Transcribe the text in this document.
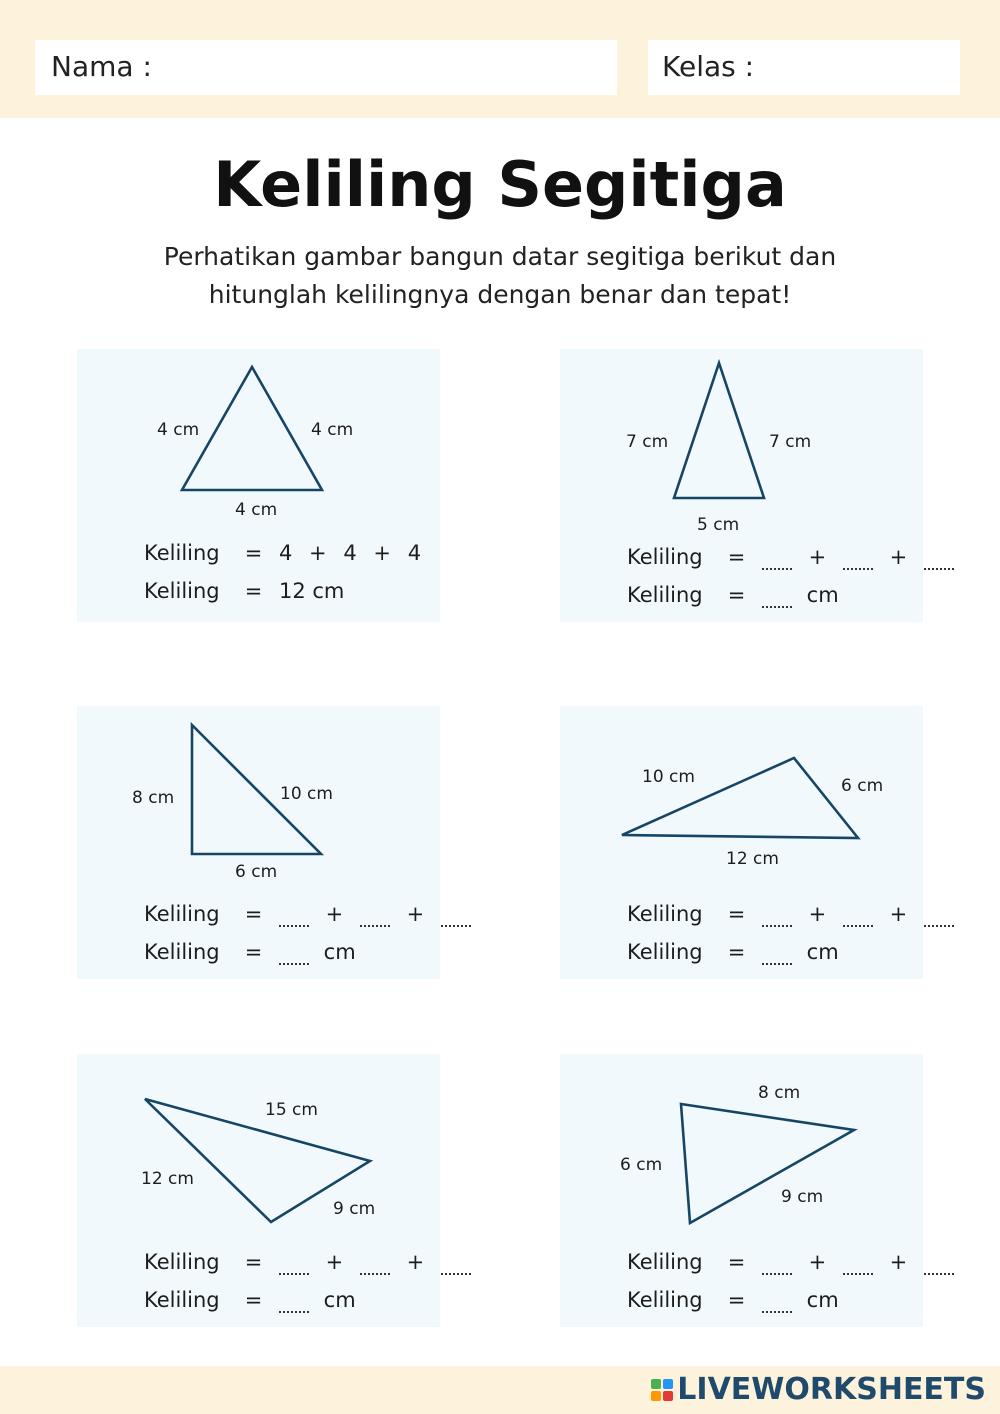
Nama :	Kelas :
Keliling Segitiga
Perhatikan gambar bangun datar segitiga berikut dan
hitunglah kelilingnya dengan benar dan tepat!
4 cm	4 cm
4 cm
Keliling = 4 + 4 + 4
Keliling = 12 cm
7 cm	7 cm
5 cm
Keliling =	+	+
Keliling =	cm
8 cm	10 cm
6 cm
Keliling =	+	+
Keliling =	cm
10 cm	6 cm
12 cm
Keliling =	+	+
Keliling =	cm
15 cm
12 cm
9 cm
Keliling =	+	+
Keliling =	cm
8 cm
6 cm
9 cm
Keliling =	+	+
Keliling =	cm
LIVEWORKSHEETS
